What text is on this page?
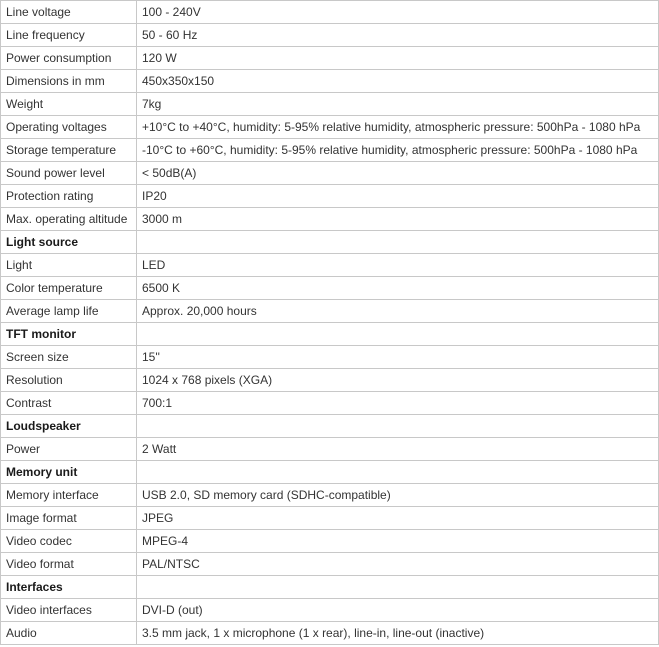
Line voltage	100 - 240V
Line frequency	50 - 60 Hz
Power consumption	120 W
Dimensions in mm	450x350x150
Weight	7kg
Operating voltages	+10°C to +40°C, humidity: 5-95% relative humidity, atmospheric pressure: 500hPa - 1080 hPa
Storage temperature	-10°C to +60°C, humidity: 5-95% relative humidity, atmospheric pressure: 500hPa - 1080 hPa
Sound power level	< 50dB(A)
Protection rating	IP20
Max. operating altitude	3000 m
Light source	
Light	LED
Color temperature	6500 K
Average lamp life	Approx. 20,000 hours
TFT monitor	
Screen size	15''
Resolution	1024 x 768 pixels (XGA)
Contrast	700:1
Loudspeaker	
Power	2 Watt
Memory unit	
Memory interface	USB 2.0, SD memory card (SDHC-compatible)
Image format	JPEG
Video codec	MPEG-4
Video format	PAL/NTSC
Interfaces	
Video interfaces	DVI-D (out)
Audio	3.5 mm jack, 1 x microphone (1 x rear), line-in, line-out (inactive)
